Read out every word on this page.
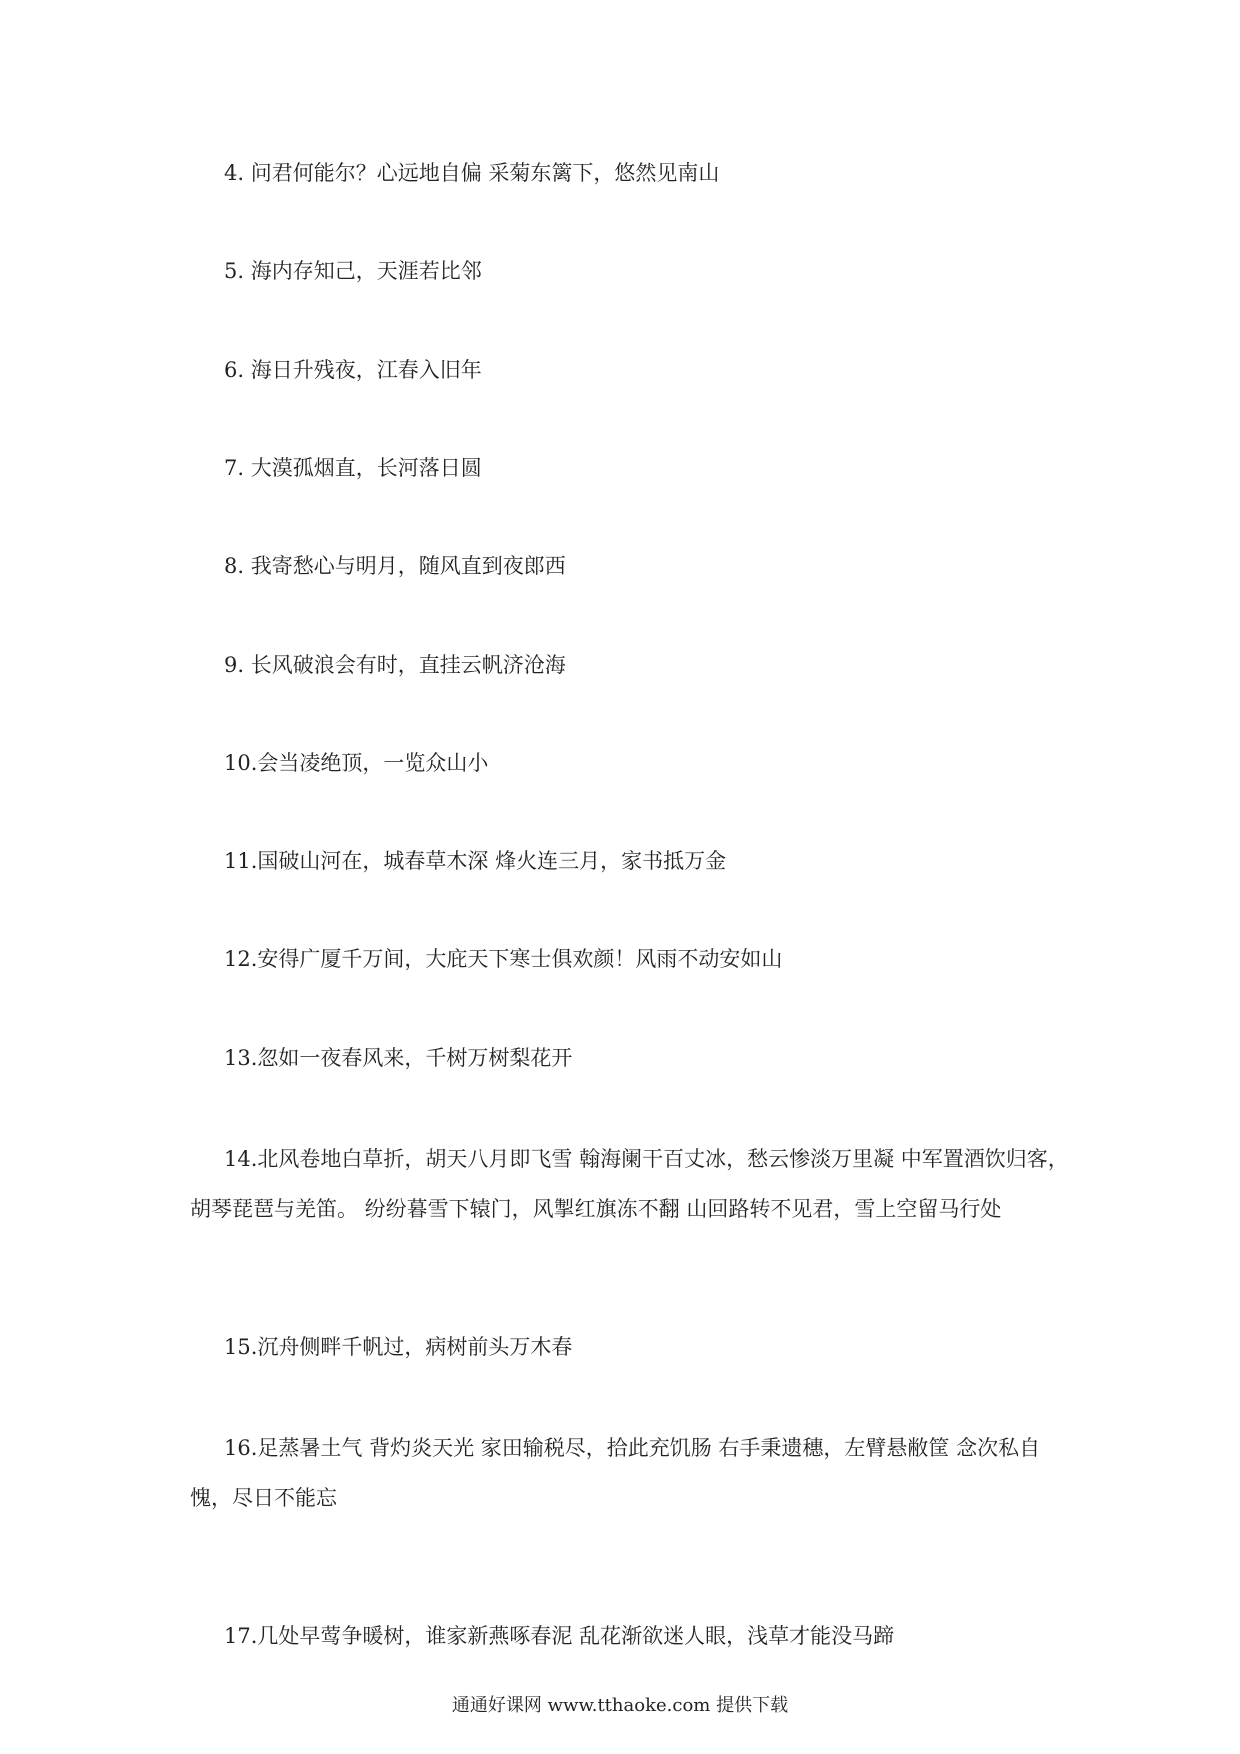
4. 问君何能尔？心远地自偏 采菊东篱下，悠然见南山
5. 海内存知己，天涯若比邻
6. 海日升残夜，江春入旧年
7. 大漠孤烟直，长河落日圆
8. 我寄愁心与明月，随风直到夜郎西
9. 长风破浪会有时，直挂云帆济沧海
10.会当凌绝顶，一览众山小
11.国破山河在，城春草木深 烽火连三月，家书抵万金
12.安得广厦千万间，大庇天下寒士俱欢颜！风雨不动安如山
13.忽如一夜春风来，千树万树梨花开
14.北风卷地白草折，胡天八月即飞雪 翰海阑干百丈冰，愁云惨淡万里凝 中军置酒饮归客，胡琴琵琶与羌笛。 纷纷暮雪下辕门，风掣红旗冻不翻 山回路转不见君，雪上空留马行处
15.沉舟侧畔千帆过，病树前头万木春
16.足蒸暑土气 背灼炎天光 家田输税尽，拾此充饥肠 右手秉遗穗，左臂悬敝筐 念次私自愧，尽日不能忘
17.几处早莺争暖树，谁家新燕啄春泥 乱花渐欲迷人眼，浅草才能没马蹄
通通好课网 www.tthaoke.com 提供下载
